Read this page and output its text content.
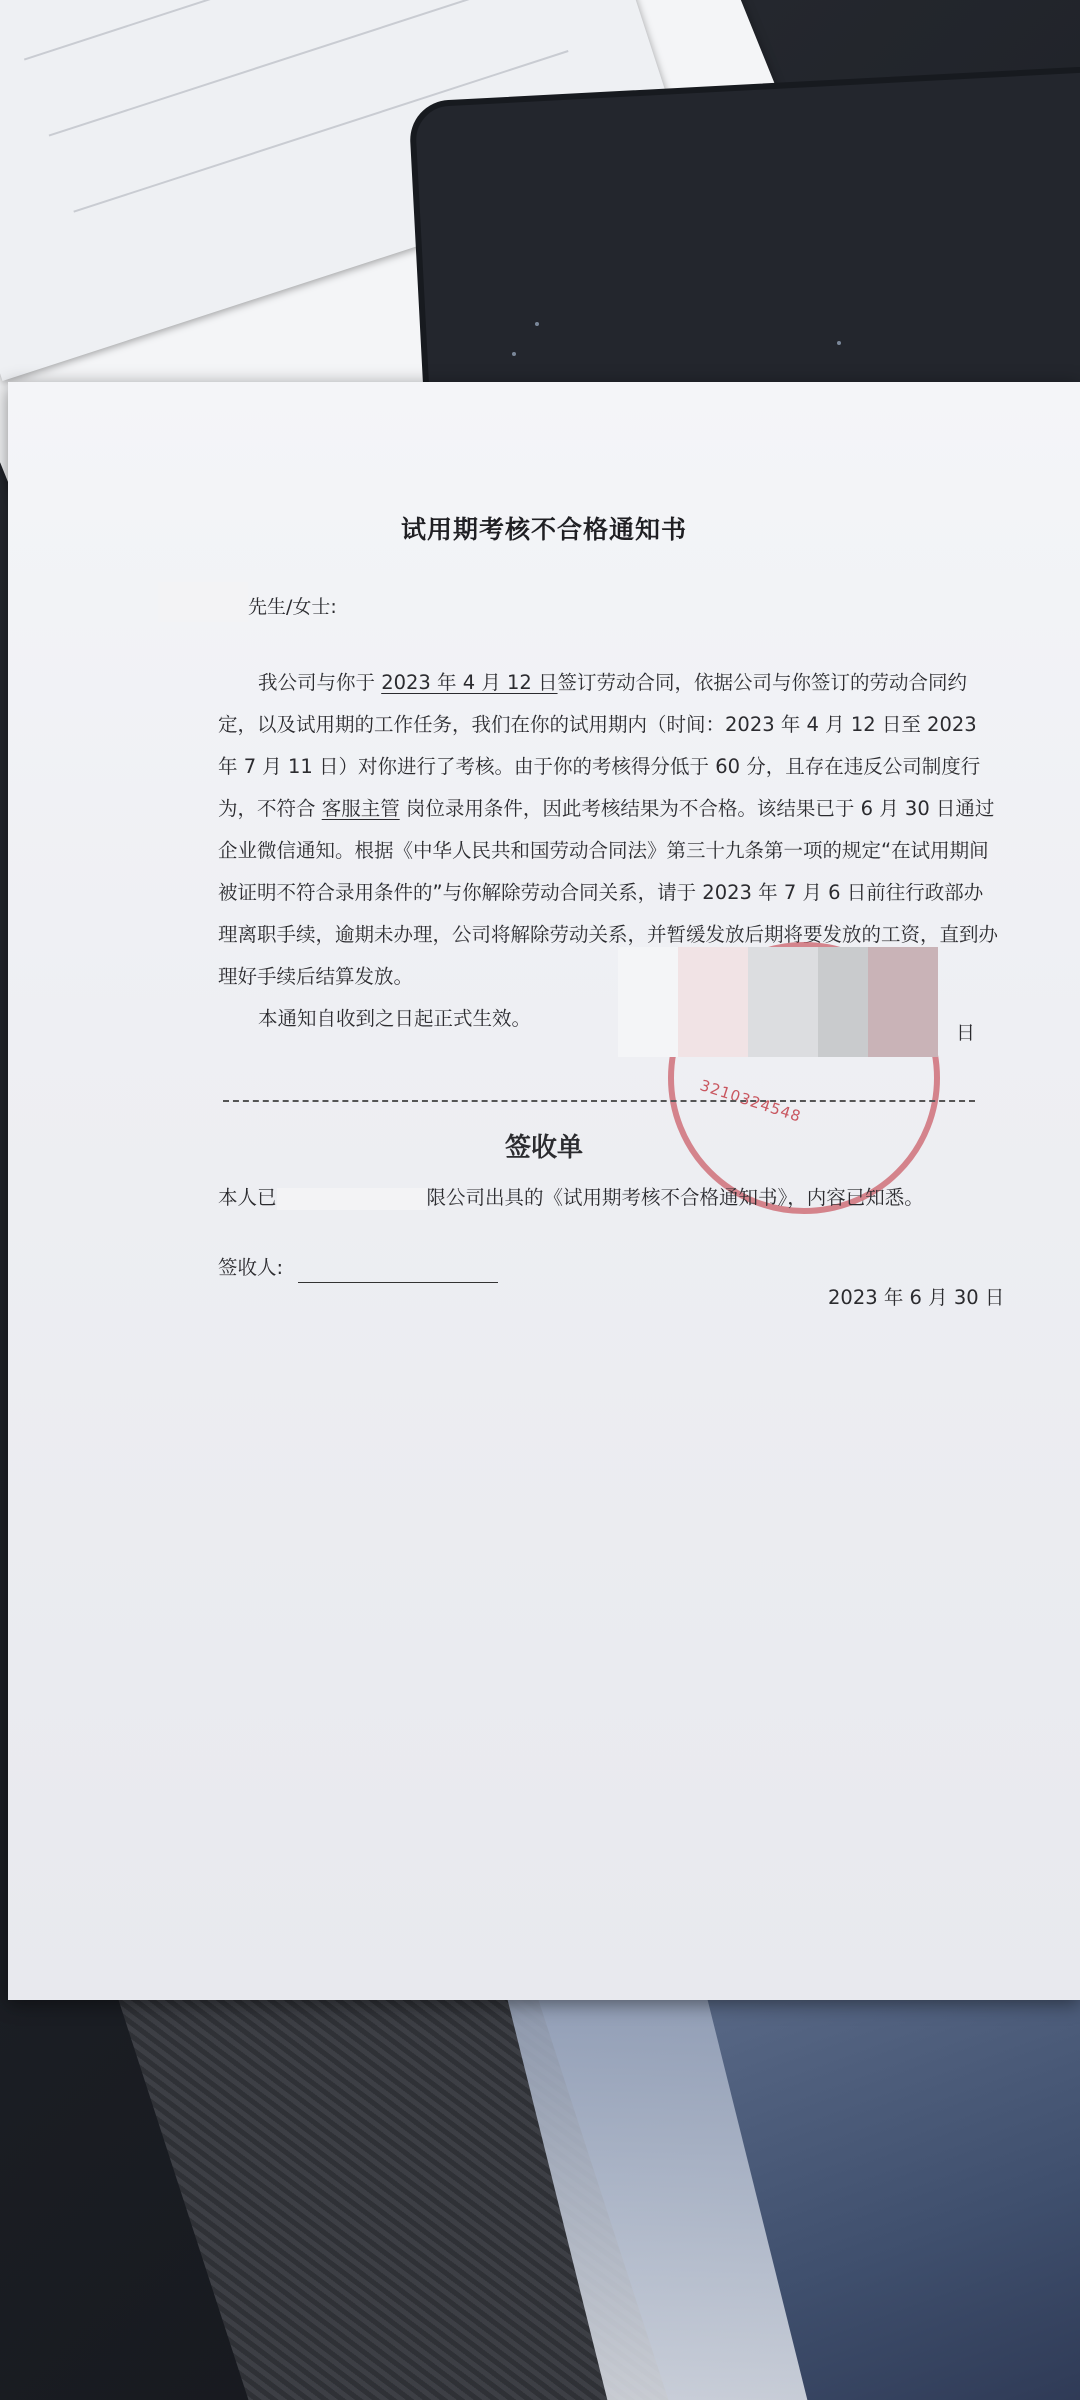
试用期考核不合格通知书
先生/女士:

我公司与你于 2023 年 4 月 12 日签订劳动合同，依据公司与你签订的劳动合同约定，以及试用期的工作任务，我们在你的试用期内（时间：2023 年 4 月 12 日至 2023 年 7 月 11 日）对你进行了考核。由于你的考核得分低于 60 分，且存在违反公司制度行为，不符合 客服主管 岗位录用条件，因此考核结果为不合格。该结果已于 6 月 30 日通过企业微信通知。根据《中华人民共和国劳动合同法》第三十九条第一项的规定“在试用期间被证明不符合录用条件的”与你解除劳动合同关系，请于 2023 年 7 月 6 日前往行政部办理离职手续，逾期未办理，公司将解除劳动关系，并暂缓发放后期将要发放的工资，直到办理好手续后结算发放。

本通知自收到之日起正式生效。

3210324548
日
签收单
本人已	限公司出具的《试用期考核不合格通知书》，内容已知悉。
签收人:
2023 年 6 月 30 日
